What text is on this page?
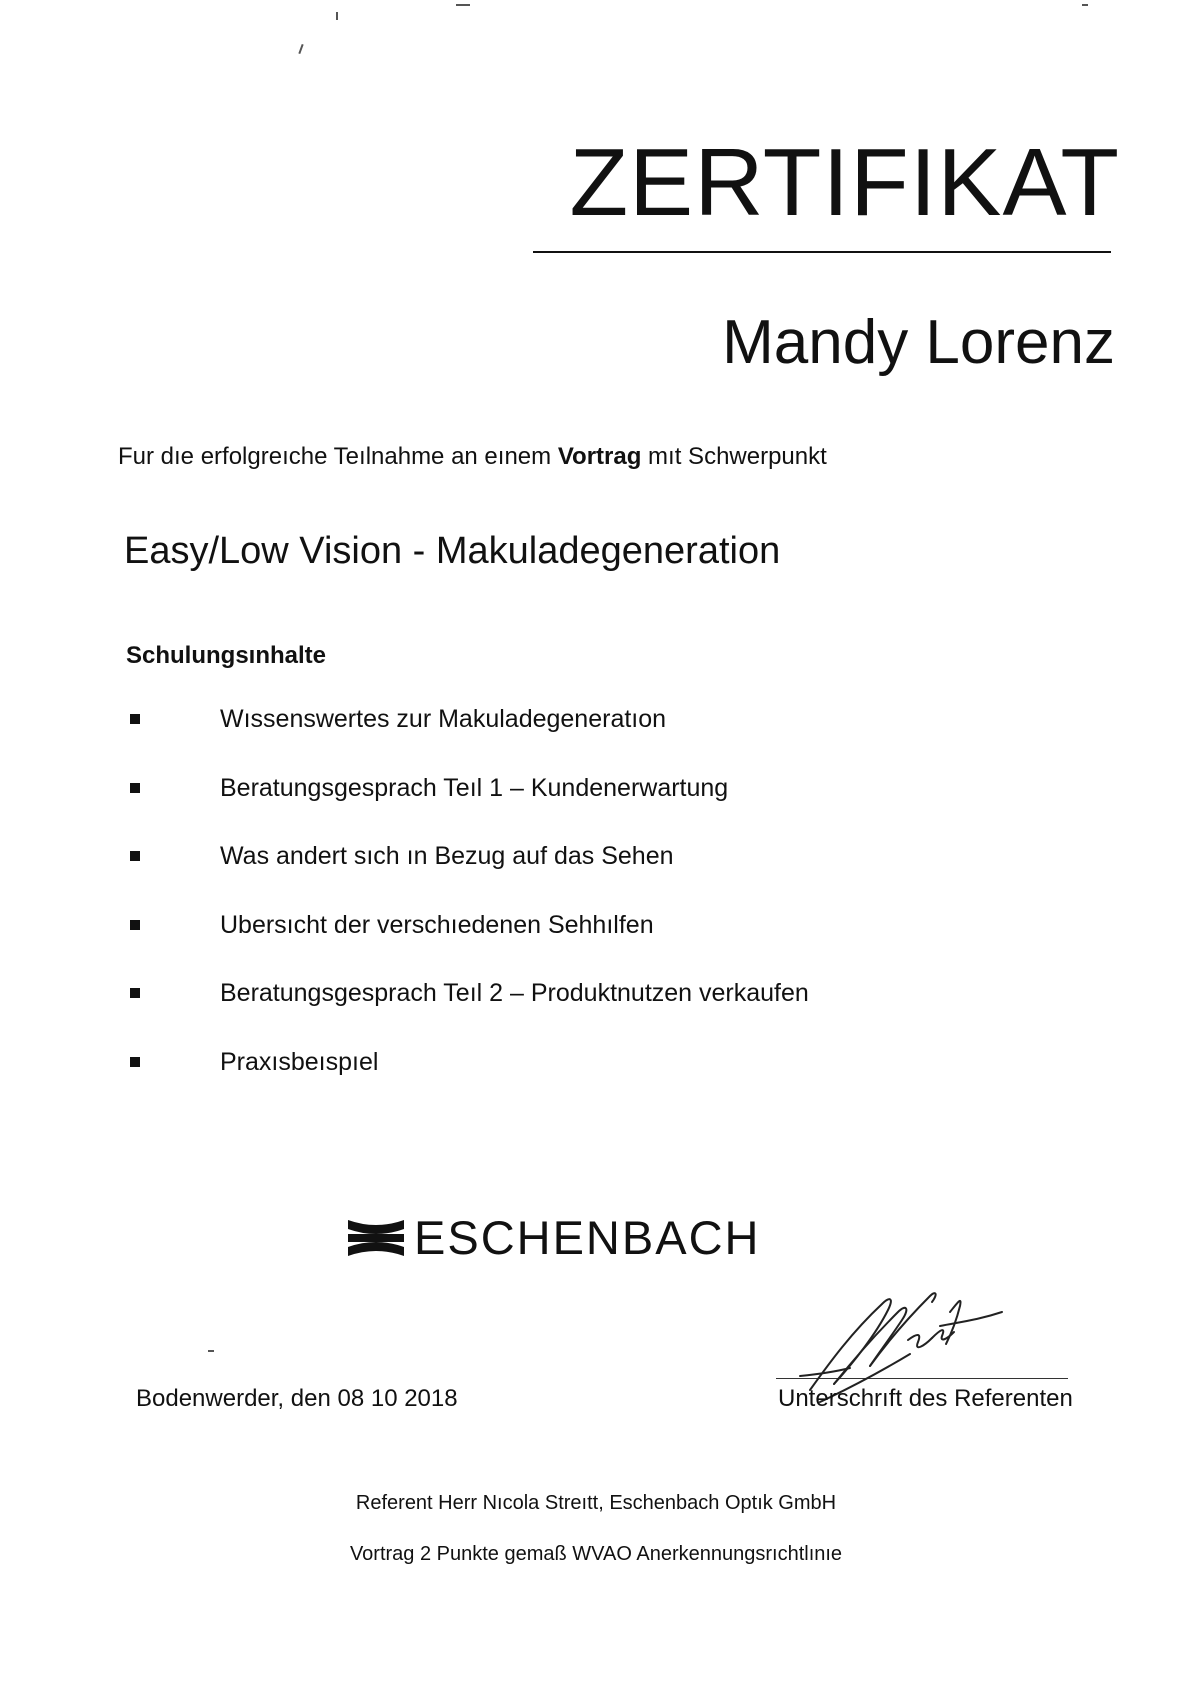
ZERTIFIKAT
Mandy Lorenz
Fur dıe erfolgreıche Teılnahme an eınem Vortrag mıt Schwerpunkt
Easy/Low Vision - Makuladegeneration
Schulungsınhalte
Wıssenswertes zur Makuladegeneratıon
Beratungsgesprach Teıl 1 – Kundenerwartung
Was andert sıch ın Bezug auf das Sehen
Ubersıcht der verschıedenen Sehhılfen
Beratungsgesprach Teıl 2 – Produktnutzen verkaufen
Praxısbeıspıel
ESCHENBACH
Bodenwerder, den 08 10 2018	Unterschrıft des Referenten
Referent Herr Nıcola Streıtt, Eschenbach Optık GmbH
Vortrag 2 Punkte gemaß WVAO Anerkennungsrıchtlınıe
